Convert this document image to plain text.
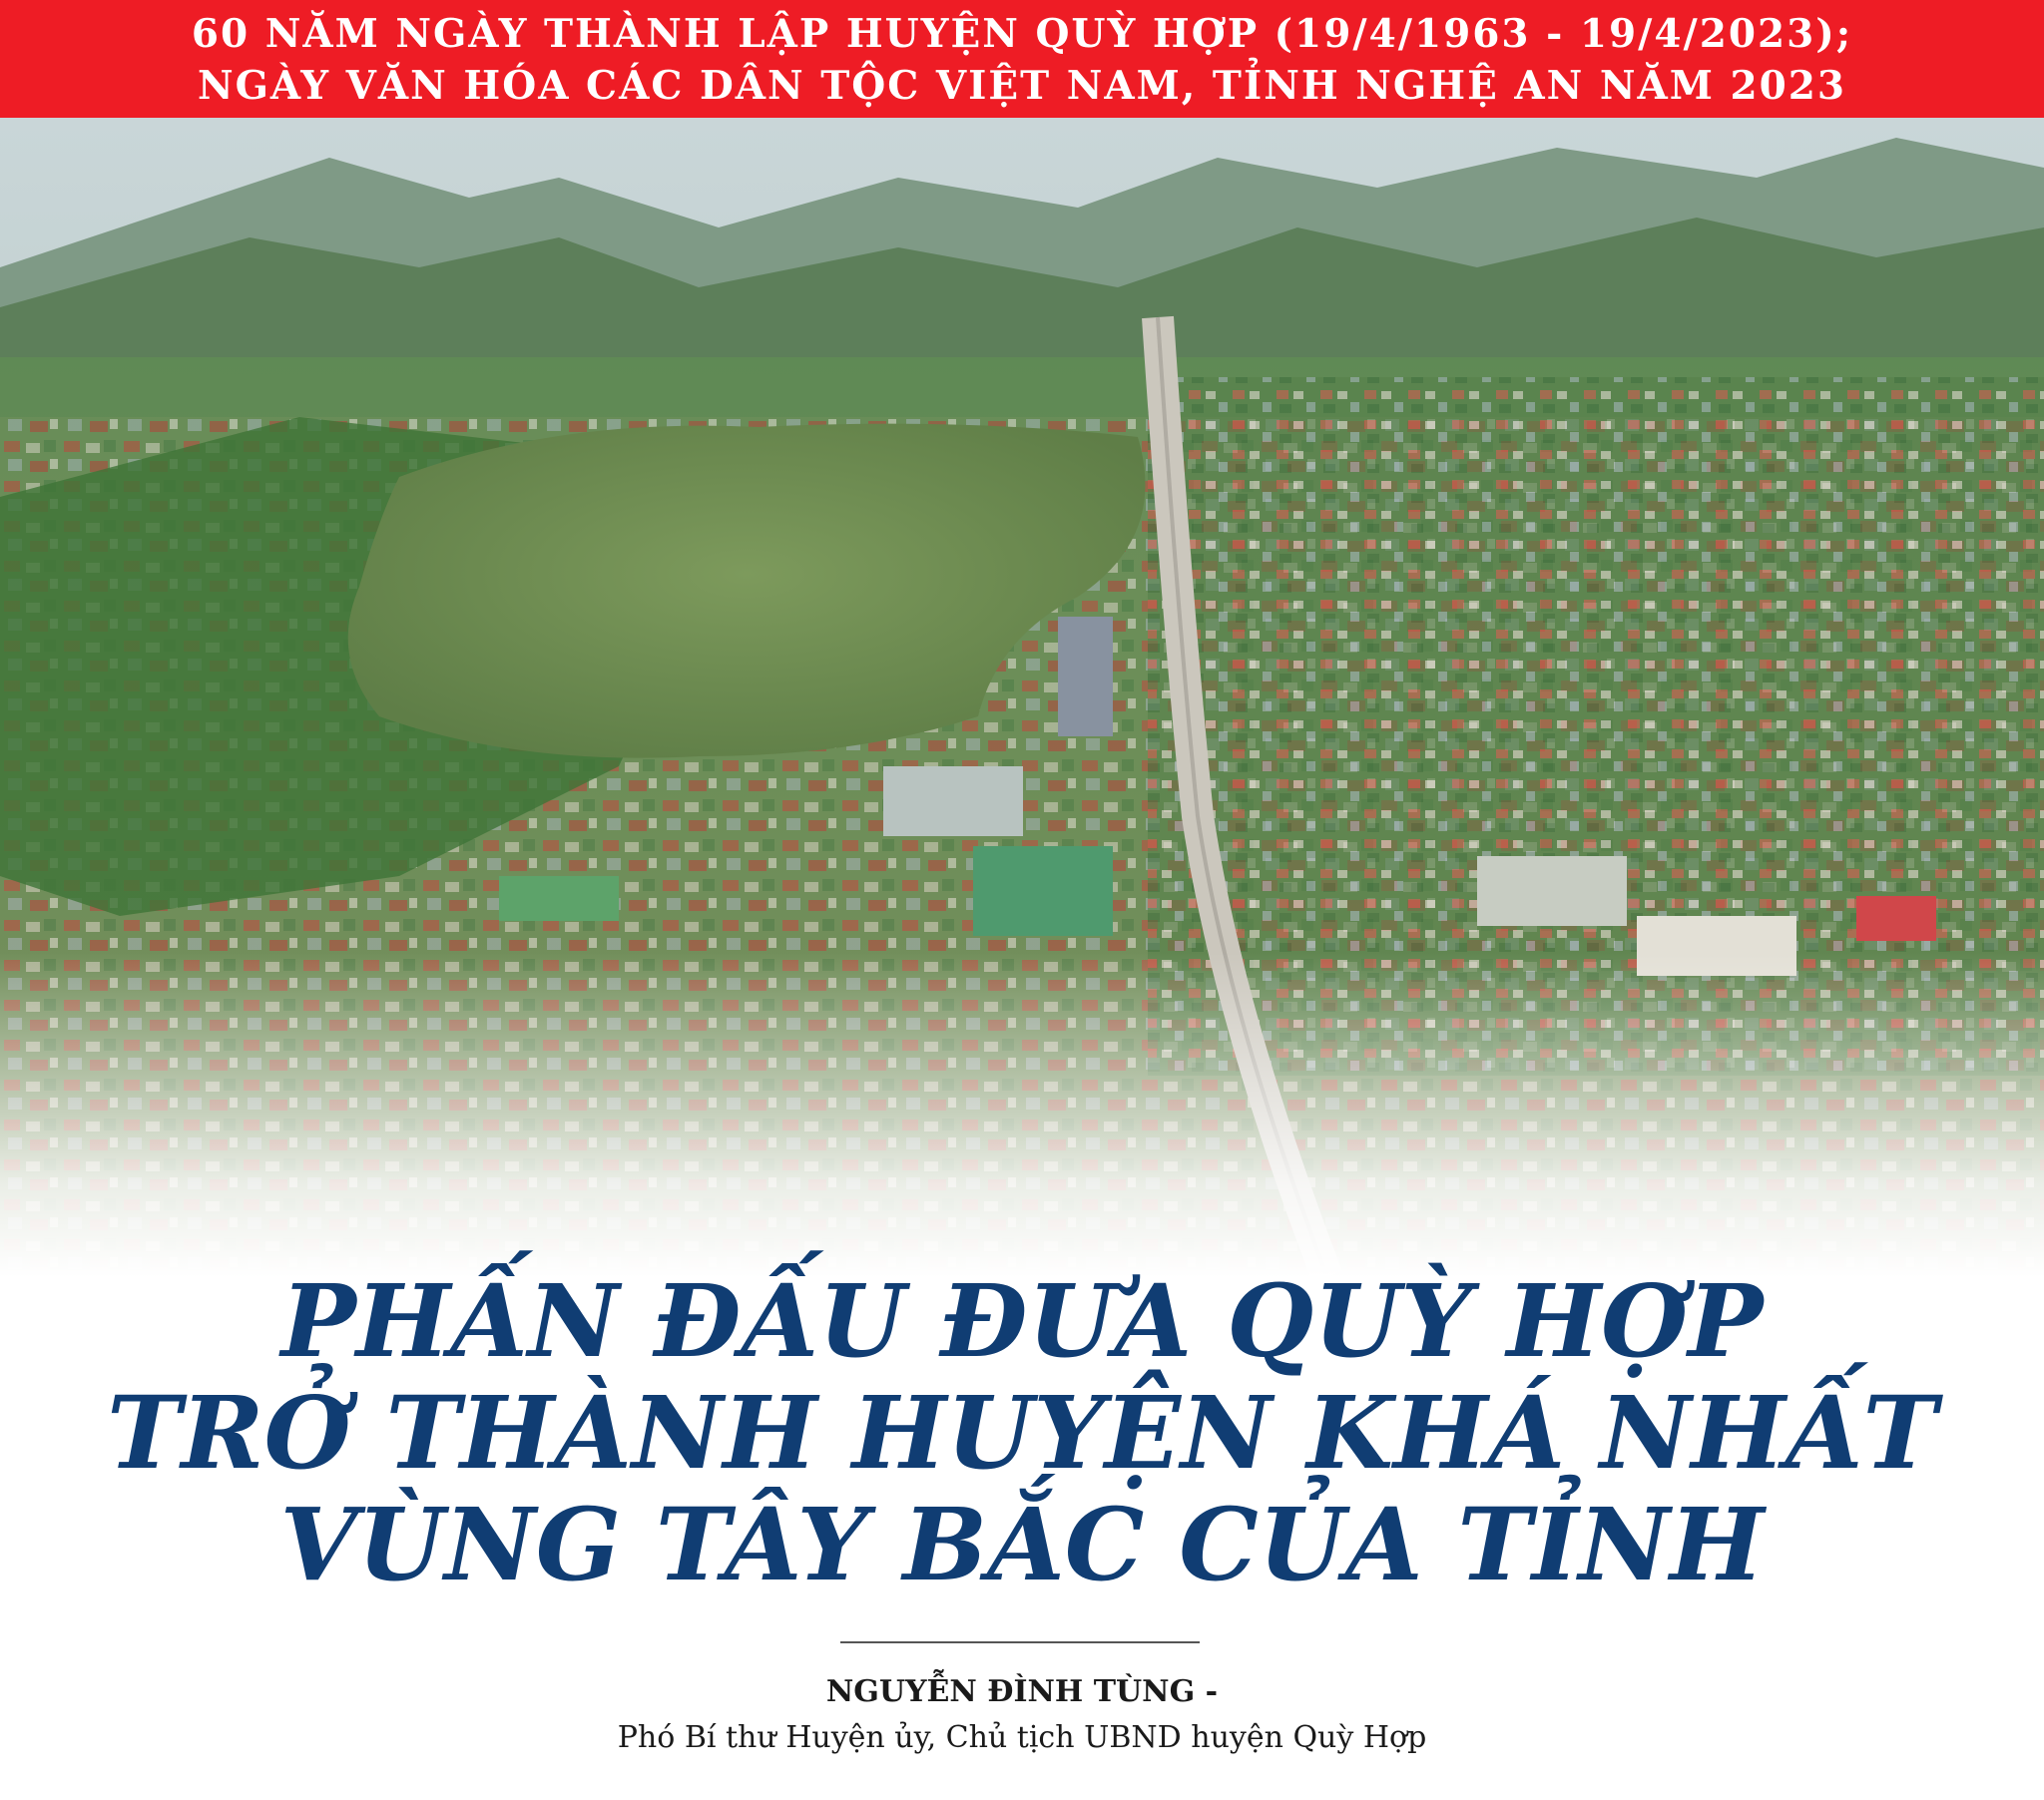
60 NĂM NGÀY THÀNH LẬP HUYỆN QUỲ HỢP (19/4/1963 - 19/4/2023);
NGÀY VĂN HÓA CÁC DÂN TỘC VIỆT NAM, TỈNH NGHỆ AN NĂM 2023
PHẤN ĐẤU ĐƯA QUỲ HỢP
TRỞ THÀNH HUYỆN KHÁ NHẤT
VÙNG TÂY BẮC CỦA TỈNH
NGUYỄN ĐÌNH TÙNG -
Phó Bí thư Huyện ủy, Chủ tịch UBND huyện Quỳ Hợp
